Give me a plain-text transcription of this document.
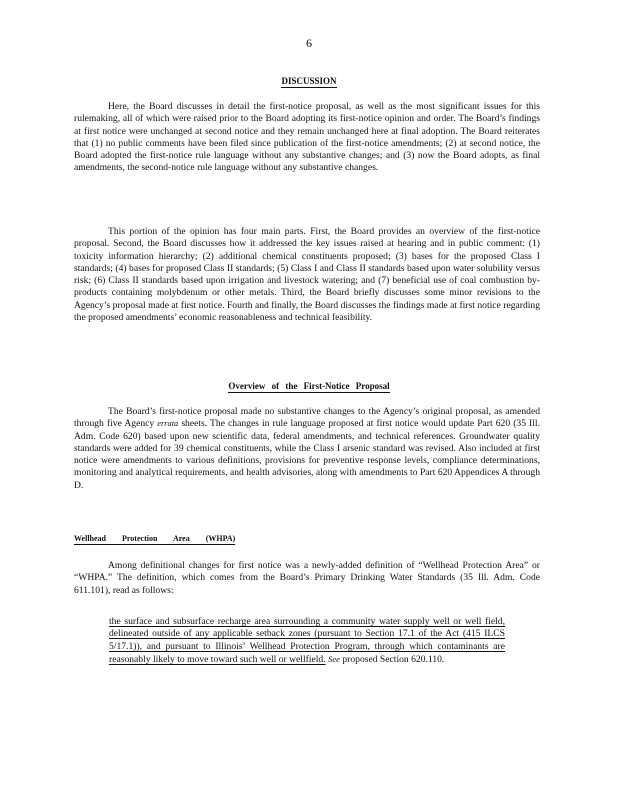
6
DISCUSSION

Here, the Board discusses in detail the first-notice proposal, as well as the most significant issues for this rulemaking, all of which were raised prior to the Board adopting its first-notice opinion and order. The Board’s findings at first notice were unchanged at second notice and they remain unchanged here at final adoption. The Board reiterates that (1) no public comments have been filed since publication of the first-notice amendments; (2) at second notice, the Board adopted the first-notice rule language without any substantive changes; and (3) now the Board adopts, as final amendments, the second-notice rule language without any substantive changes.

This portion of the opinion has four main parts. First, the Board provides an overview of the first-notice proposal. Second, the Board discusses how it addressed the key issues raised at hearing and in public comment: (1) toxicity information hierarchy; (2) additional chemical constituents proposed; (3) bases for the proposed Class I standards; (4) bases for proposed Class II standards; (5) Class I and Class II standards based upon water solubility versus risk; (6) Class II standards based upon irrigation and livestock watering; and (7) beneficial use of coal combustion by-products containing molybdenum or other metals. Third, the Board briefly discusses some minor revisions to the Agency’s proposal made at first notice. Fourth and finally, the Board discusses the findings made at first notice regarding the proposed amendments’ economic reasonableness and technical feasibility.

Overview of the First-Notice Proposal

The Board’s first-notice proposal made no substantive changes to the Agency’s original proposal, as amended through five Agency errata sheets. The changes in rule language proposed at first notice would update Part 620 (35 Ill. Adm. Code 620) based upon new scientific data, federal amendments, and technical references. Groundwater quality standards were added for 39 chemical constituents, while the Class I arsenic standard was revised. Also included at first notice were amendments to various definitions, provisions for preventive response levels, compliance determinations, monitoring and analytical requirements, and health advisories, along with amendments to Part 620 Appendices A through D.

Wellhead Protection Area (WHPA)

Among definitional changes for first notice was a newly-added definition of “Wellhead Protection Area” or “WHPA.” The definition, which comes from the Board’s Primary Drinking Water Standards (35 Ill. Adm. Code 611.101), read as follows:

the surface and subsurface recharge area surrounding a community water supply well or well field, delineated outside of any applicable setback zones (pursuant to Section 17.1 of the Act (415 ILCS 5/17.1)), and pursuant to Illinois’ Wellhead Protection Program, through which contaminants are reasonably likely to move toward such well or wellfield. See proposed Section 620.110.
